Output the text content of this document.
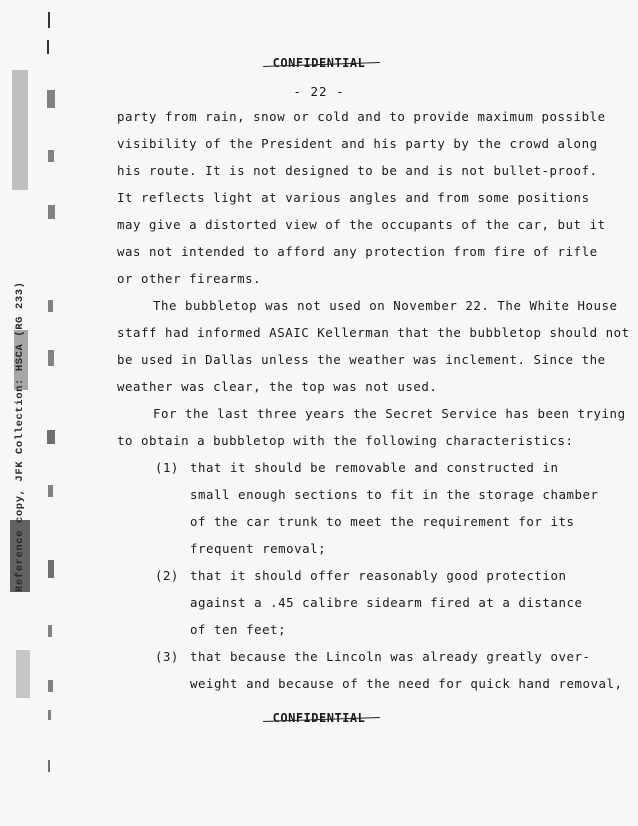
Reference copy, JFK Collection: HSCA (RG 233)
CONFIDENTIAL
- 22 -
party from rain, snow or cold and to provide maximum possible
visibility of the President and his party by the crowd along
his route. It is not designed to be and is not bullet-proof.
It reflects light at various angles and from some positions
may give a distorted view of the occupants of the car, but it
was not intended to afford any protection from fire of rifle
or other firearms.
The bubbletop was not used on November 22. The White House
staff had informed ASAIC Kellerman that the bubbletop should not
be used in Dallas unless the weather was inclement. Since the
weather was clear, the top was not used.
For the last three years the Secret Service has been trying
to obtain a bubbletop with the following characteristics:
(1) that it should be removable and constructed in
small enough sections to fit in the storage chamber
of the car trunk to meet the requirement for its
frequent removal;
(2) that it should offer reasonably good protection
against a .45 calibre sidearm fired at a distance
of ten feet;
(3) that because the Lincoln was already greatly over-
weight and because of the need for quick hand removal,
CONFIDENTIAL
